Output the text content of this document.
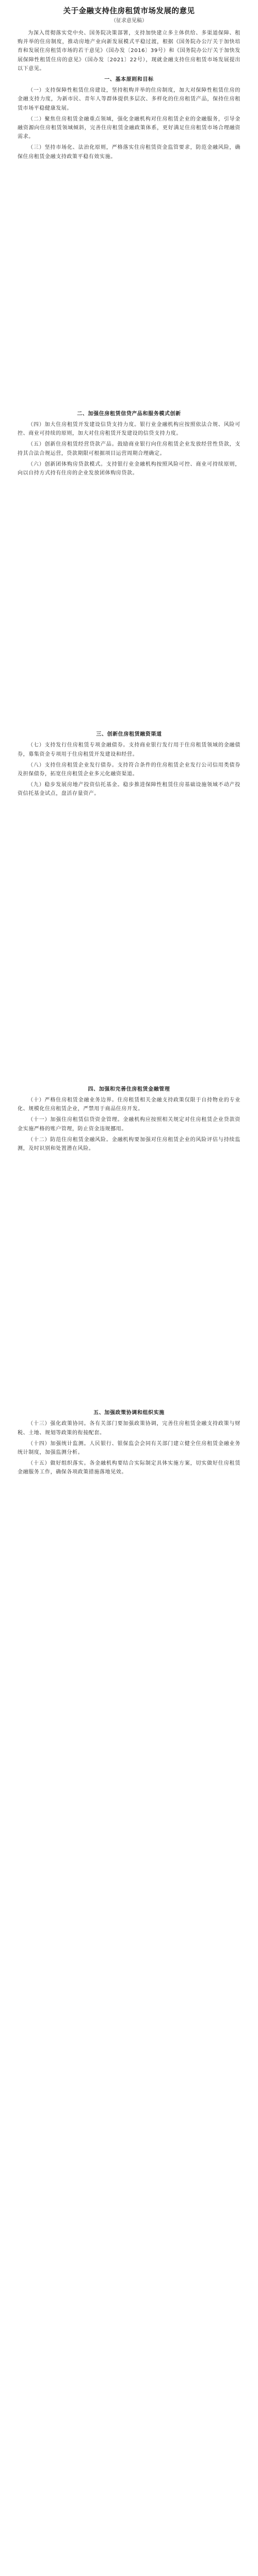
关于金融支持住房租赁市场发展的意见
（征求意见稿）

为深入贯彻落实党中央、国务院决策部署，支持加快建立多主体供给、多渠道保障、租购并举的住房制度，推动房地产业向新发展模式平稳过渡，根据《国务院办公厅关于加快培育和发展住房租赁市场的若干意见》（国办发〔2016〕39号）和《国务院办公厅关于加快发展保障性租赁住房的意见》（国办发〔2021〕22号），现就金融支持住房租赁市场发展提出以下意见。

一、基本原则和目标

（一）支持保障性租赁住房建设，坚持租购并举的住房制度，加大对保障性租赁住房的金融支持力度，为新市民、青年人等群体提供多层次、多样化的住房租赁产品，保持住房租赁市场平稳健康发展。

（二）聚焦住房租赁金融重点领域，强化金融机构对住房租赁企业的金融服务，引导金融资源向住房租赁领域倾斜，完善住房租赁金融政策体系，更好满足住房租赁市场合理融资需求。

（三）坚持市场化、法治化原则，严格落实住房租赁资金监管要求，防范金融风险，确保住房租赁金融支持政策平稳有效实施。

二、加强住房租赁信贷产品和服务模式创新

（四）加大住房租赁开发建设信贷支持力度。银行业金融机构应按照依法合规、风险可控、商业可持续的原则，加大对住房租赁开发建设的信贷支持力度。

（五）创新住房租赁经营贷款产品。鼓励商业银行向住房租赁企业发放经营性贷款，支持其合法合规运营，贷款期限可根据项目运营周期合理确定。

（六）创新团体购房贷款模式。支持银行业金融机构按照风险可控、商业可持续原则，向以自持方式持有住房的企业发放团体购房贷款。

三、创新住房租赁融资渠道

（七）支持发行住房租赁专项金融债券。支持商业银行发行用于住房租赁领域的金融债券，募集资金专项用于住房租赁开发建设和经营。

（八）支持住房租赁企业发行债券。支持符合条件的住房租赁企业发行公司信用类债券及担保债券，拓宽住房租赁企业多元化融资渠道。

（九）稳步发展房地产投资信托基金。稳步推进保障性租赁住房基础设施领域不动产投资信托基金试点，盘活存量资产。

四、加强和完善住房租赁金融管理

（十）严格住房租赁金融业务边界。住房租赁相关金融支持政策仅限于自持物业的专业化、规模化住房租赁企业，严禁用于商品住房开发。

（十一）加强住房租赁信贷资金管理。金融机构应按照相关规定对住房租赁企业贷款资金实施严格的账户管理，防止资金违规挪用。

（十二）防范住房租赁金融风险。金融机构要加强对住房租赁企业的风险评估与持续监测，及时识别和处置潜在风险。

五、加强政策协调和组织实施

（十三）强化政策协同。各有关部门要加强政策协调，完善住房租赁金融支持政策与财税、土地、规划等政策的衔接配套。

（十四）加强统计监测。人民银行、银保监会会同有关部门建立健全住房租赁金融业务统计制度，加强监测分析。

（十五）做好组织落实。各金融机构要结合实际制定具体实施方案，切实做好住房租赁金融服务工作，确保各项政策措施落地见效。
